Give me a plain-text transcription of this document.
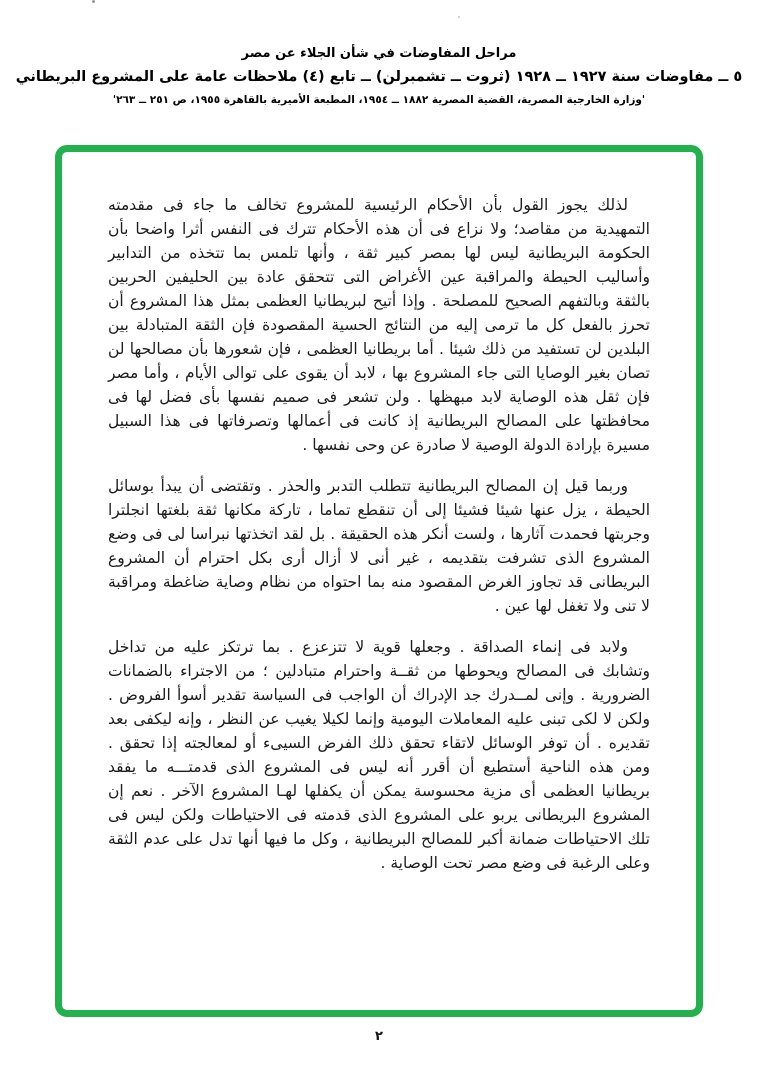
مراحل المفاوضات في شأن الجلاء عن مصر
٥ ــ مفاوضات سنة ١٩٢٧ ــ ١٩٢٨ (ثروت ــ تشمبرلن) ــ تابع (٤) ملاحظات عامة على المشروع البريطاني
'وزارة الخارجية المصرية، القضية المصرية ١٨٨٢ ــ ١٩٥٤، المطبعة الأميرية بالقاهرة ١٩٥٥، ص ٢٥١ ــ ٢٦٣'

لذلك يجوز القول بأن الأحكام الرئيسية للمشروع تخالف ما جاء فى مقدمته التمهيدية من مقاصد؛ ولا نزاع فى أن هذه الأحكام تترك فى النفس أثرا واضحا بأن الحكومة البريطانية ليس لها بمصر كبير ثقة ، وأنها تلمس بما تتخذه من التدابير وأساليب الحيطة والمراقبة عين الأغراض التى تتحقق عادة بين الحليفين الحربين بالثقة وبالتفهم الصحيح للمصلحة . وإذا أتيح لبريطانيا العظمى بمثل هذا المشروع أن تحرز بالفعل كل ما ترمى إليه من النتائج الحسية المقصودة فإن الثقة المتبادلة بين البلدين لن تستفيد من ذلك شيئا . أما بريطانيا العظمى ، فإن شعورها بأن مصالحها لن تصان بغير الوصايا التى جاء المشروع بها ، لابد أن يقوى على توالى الأيام ، وأما مصر فإن ثقل هذه الوصاية لابد مبهظها . ولن تشعر فى صميم نفسها بأى فضل لها فى محافظتها على المصالح البريطانية إذ كانت فى أعمالها وتصرفاتها فى هذا السبيل مسيرة بإرادة الدولة الوصية لا صادرة عن وحى نفسها .

وربما قيل إن المصالح البريطانية تتطلب التدبر والحذر . وتقتضى أن يبدأ بوسائل الحيطة ، يزل عنها شيئا فشيئا إلى أن تنقطع تماما ، تاركة مكانها ثقة بلغتها انجلترا وجربتها فحمدت آثارها ، ولست أنكر هذه الحقيقة . بل لقد اتخذتها نبراسا لى فى وضع المشروع الذى تشرفت بتقديمه ، غير أنى لا أزال أرى بكل احترام أن المشروع البريطانى قد تجاوز الغرض المقصود منه بما احتواه من نظام وصاية ضاغطة ومراقبة لا تنى ولا تغفل لها عين .

ولابد فى إنماء الصداقة . وجعلها قوية لا تتزعزع . بما ترتكز عليه من تداخل وتشابك فى المصالح ويحوطها من ثقــة واحترام متبادلين ؛ من الاجتراء بالضمانات الضرورية . وإنى لمــدرك جد الإدراك أن الواجب فى السياسة تقدير أسوأ الفروض . ولكن لا لكى تبنى عليه المعاملات اليومية وإنما لكيلا يغيب عن النظر ، وإنه ليكفى بعد تقديره . أن توفر الوسائل لاتقاء تحقق ذلك الفرض السيىء أو لمعالجته إذا تحقق . ومن هذه الناحية أستطيع أن أقرر أنه ليس فى المشروع الذى قدمتـــه ما يفقد بريطانيا العظمى أى مزية محسوسة يمكن أن يكفلها لهـا المشروع الآخر . نعم إن المشروع البريطانى يربو على المشروع الذى قدمته فى الاحتياطات ولكن ليس فى تلك الاحتياطات ضمانة أكبر للمصالح البريطانية ، وكل ما فيها أنها تدل على عدم الثقة وعلى الرغبة فى وضع مصر تحت الوصاية .

٢
